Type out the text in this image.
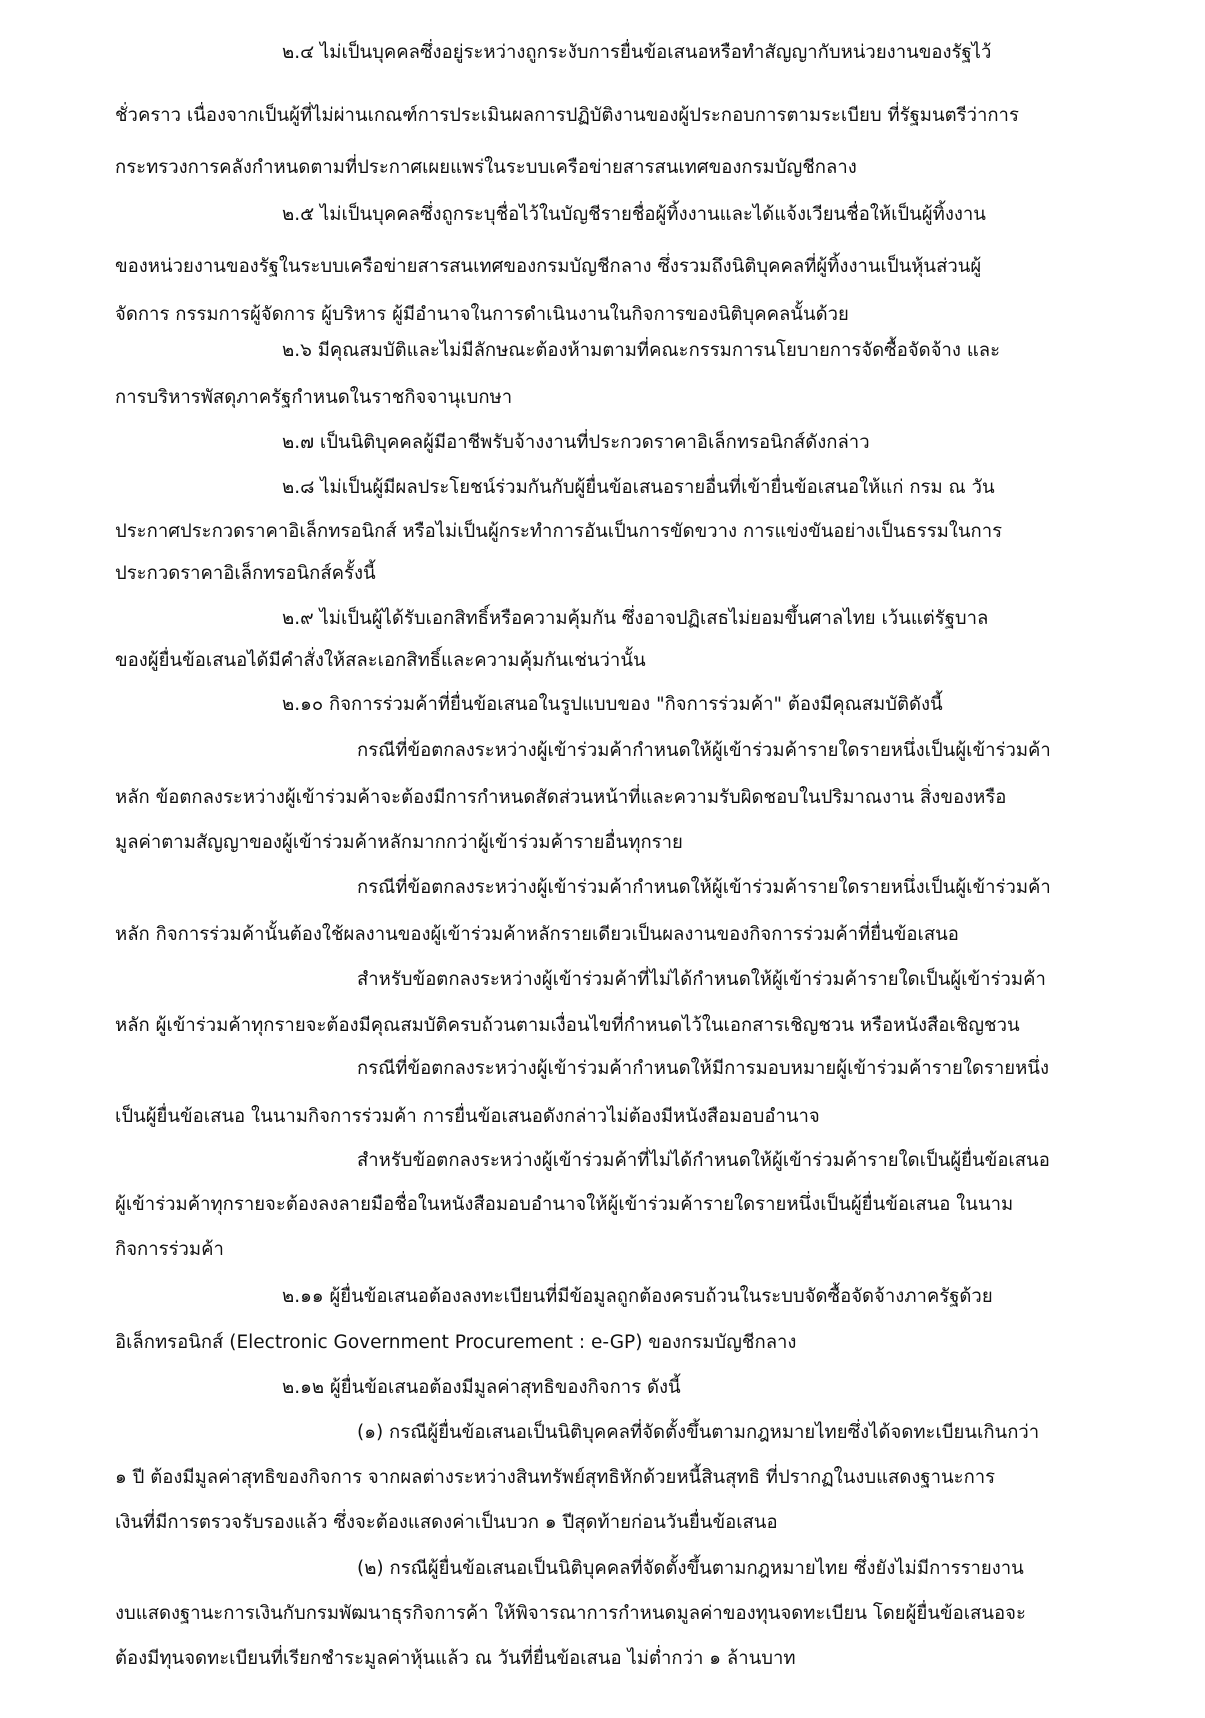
๒.๔ ไม่เป็นบุคคลซึ่งอยู่ระหว่างถูกระงับการยื่นข้อเสนอหรือทำสัญญากับหน่วยงานของรัฐไว้
ชั่วคราว เนื่องจากเป็นผู้ที่ไม่ผ่านเกณฑ์การประเมินผลการปฏิบัติงานของผู้ประกอบการตามระเบียบ ที่รัฐมนตรีว่าการ
กระทรวงการคลังกำหนดตามที่ประกาศเผยแพร่ในระบบเครือข่ายสารสนเทศของกรมบัญชีกลาง
๒.๕ ไม่เป็นบุคคลซึ่งถูกระบุชื่อไว้ในบัญชีรายชื่อผู้ทิ้งงานและได้แจ้งเวียนชื่อให้เป็นผู้ทิ้งงาน
ของหน่วยงานของรัฐในระบบเครือข่ายสารสนเทศของกรมบัญชีกลาง ซึ่งรวมถึงนิติบุคคลที่ผู้ทิ้งงานเป็นหุ้นส่วนผู้
จัดการ กรรมการผู้จัดการ ผู้บริหาร ผู้มีอำนาจในการดำเนินงานในกิจการของนิติบุคคลนั้นด้วย
๒.๖ มีคุณสมบัติและไม่มีลักษณะต้องห้ามตามที่คณะกรรมการนโยบายการจัดซื้อจัดจ้าง และ
การบริหารพัสดุภาครัฐกำหนดในราชกิจจานุเบกษา
๒.๗ เป็นนิติบุคคลผู้มีอาชีพรับจ้างงานที่ประกวดราคาอิเล็กทรอนิกส์ดังกล่าว
๒.๘ ไม่เป็นผู้มีผลประโยชน์ร่วมกันกับผู้ยื่นข้อเสนอรายอื่นที่เข้ายื่นข้อเสนอให้แก่ กรม ณ วัน
ประกาศประกวดราคาอิเล็กทรอนิกส์ หรือไม่เป็นผู้กระทำการอันเป็นการขัดขวาง การแข่งขันอย่างเป็นธรรมในการ
ประกวดราคาอิเล็กทรอนิกส์ครั้งนี้
๒.๙ ไม่เป็นผู้ได้รับเอกสิทธิ์หรือความคุ้มกัน ซึ่งอาจปฏิเสธไม่ยอมขึ้นศาลไทย เว้นแต่รัฐบาล
ของผู้ยื่นข้อเสนอได้มีคำสั่งให้สละเอกสิทธิ์และความคุ้มกันเช่นว่านั้น
๒.๑๐ กิจการร่วมค้าที่ยื่นข้อเสนอในรูปแบบของ "กิจการร่วมค้า" ต้องมีคุณสมบัติดังนี้
กรณีที่ข้อตกลงระหว่างผู้เข้าร่วมค้ากำหนดให้ผู้เข้าร่วมค้ารายใดรายหนึ่งเป็นผู้เข้าร่วมค้า
หลัก ข้อตกลงระหว่างผู้เข้าร่วมค้าจะต้องมีการกำหนดสัดส่วนหน้าที่และความรับผิดชอบในปริมาณงาน สิ่งของหรือ
มูลค่าตามสัญญาของผู้เข้าร่วมค้าหลักมากกว่าผู้เข้าร่วมค้ารายอื่นทุกราย
กรณีที่ข้อตกลงระหว่างผู้เข้าร่วมค้ากำหนดให้ผู้เข้าร่วมค้ารายใดรายหนึ่งเป็นผู้เข้าร่วมค้า
หลัก กิจการร่วมค้านั้นต้องใช้ผลงานของผู้เข้าร่วมค้าหลักรายเดียวเป็นผลงานของกิจการร่วมค้าที่ยื่นข้อเสนอ
สำหรับข้อตกลงระหว่างผู้เข้าร่วมค้าที่ไม่ได้กำหนดให้ผู้เข้าร่วมค้ารายใดเป็นผู้เข้าร่วมค้า
หลัก ผู้เข้าร่วมค้าทุกรายจะต้องมีคุณสมบัติครบถ้วนตามเงื่อนไขที่กำหนดไว้ในเอกสารเชิญชวน หรือหนังสือเชิญชวน
กรณีที่ข้อตกลงระหว่างผู้เข้าร่วมค้ากำหนดให้มีการมอบหมายผู้เข้าร่วมค้ารายใดรายหนึ่ง
เป็นผู้ยื่นข้อเสนอ ในนามกิจการร่วมค้า การยื่นข้อเสนอดังกล่าวไม่ต้องมีหนังสือมอบอำนาจ
สำหรับข้อตกลงระหว่างผู้เข้าร่วมค้าที่ไม่ได้กำหนดให้ผู้เข้าร่วมค้ารายใดเป็นผู้ยื่นข้อเสนอ
ผู้เข้าร่วมค้าทุกรายจะต้องลงลายมือชื่อในหนังสือมอบอำนาจให้ผู้เข้าร่วมค้ารายใดรายหนึ่งเป็นผู้ยื่นข้อเสนอ ในนาม
กิจการร่วมค้า
๒.๑๑ ผู้ยื่นข้อเสนอต้องลงทะเบียนที่มีข้อมูลถูกต้องครบถ้วนในระบบจัดซื้อจัดจ้างภาครัฐด้วย
อิเล็กทรอนิกส์ (Electronic Government Procurement : e-GP) ของกรมบัญชีกลาง
๒.๑๒ ผู้ยื่นข้อเสนอต้องมีมูลค่าสุทธิของกิจการ ดังนี้
(๑) กรณีผู้ยื่นข้อเสนอเป็นนิติบุคคลที่จัดตั้งขึ้นตามกฎหมายไทยซึ่งได้จดทะเบียนเกินกว่า
๑ ปี ต้องมีมูลค่าสุทธิของกิจการ จากผลต่างระหว่างสินทรัพย์สุทธิหักด้วยหนี้สินสุทธิ ที่ปรากฏในงบแสดงฐานะการ
เงินที่มีการตรวจรับรองแล้ว ซึ่งจะต้องแสดงค่าเป็นบวก ๑ ปีสุดท้ายก่อนวันยื่นข้อเสนอ
(๒) กรณีผู้ยื่นข้อเสนอเป็นนิติบุคคลที่จัดตั้งขึ้นตามกฎหมายไทย ซึ่งยังไม่มีการรายงาน
งบแสดงฐานะการเงินกับกรมพัฒนาธุรกิจการค้า ให้พิจารณาการกำหนดมูลค่าของทุนจดทะเบียน โดยผู้ยื่นข้อเสนอจะ
ต้องมีทุนจดทะเบียนที่เรียกชำระมูลค่าหุ้นแล้ว ณ วันที่ยื่นข้อเสนอ ไม่ต่ำกว่า ๑ ล้านบาท
